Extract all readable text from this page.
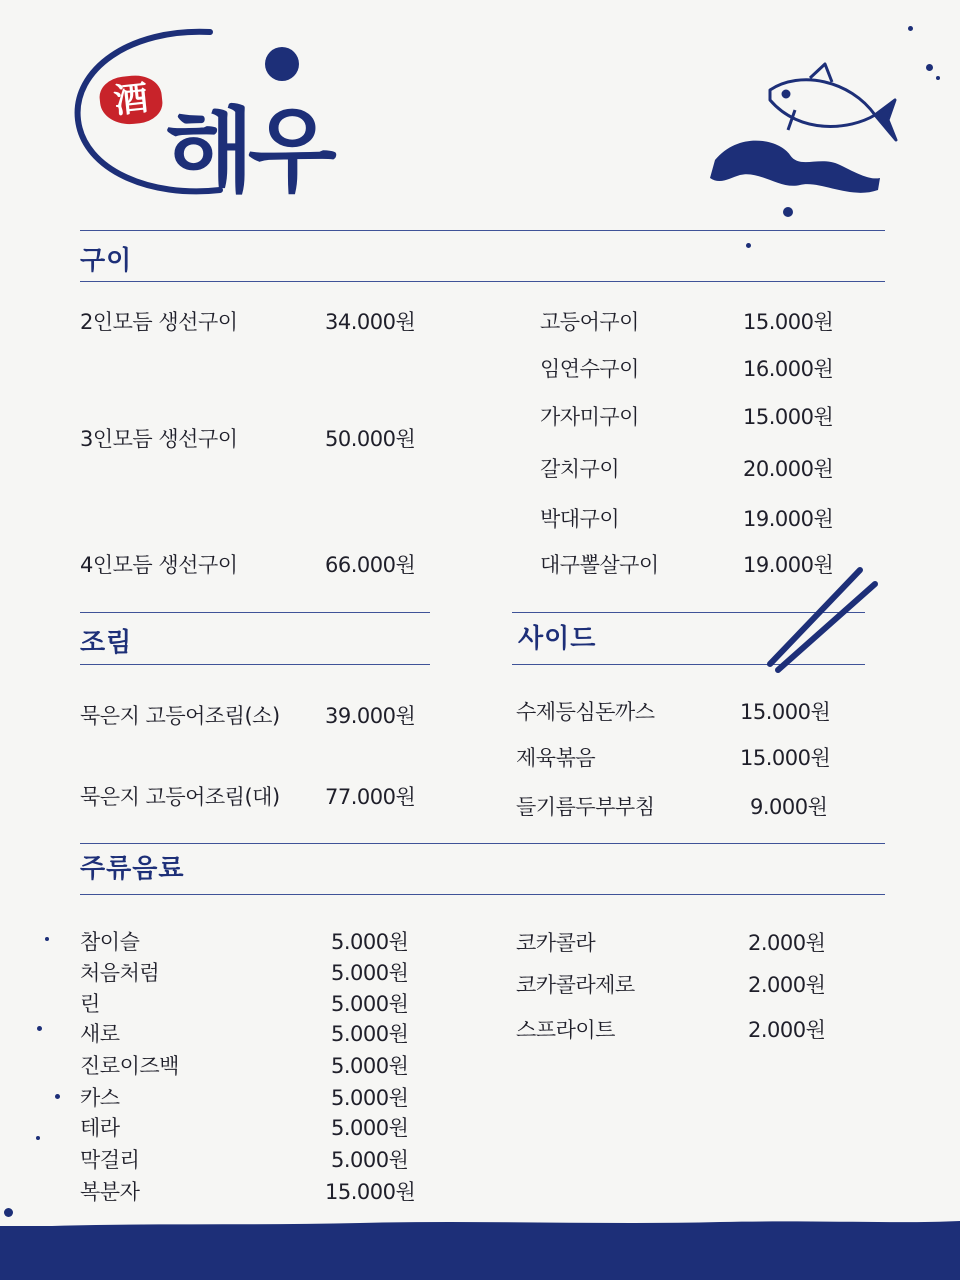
酒 해우
구이
2인모듬 생선구이	34.000원
3인모듬 생선구이	50.000원
4인모듬 생선구이	66.000원
고등어구이	15.000원
임연수구이	16.000원
가자미구이	15.000원
갈치구이	20.000원
박대구이	19.000원
대구뽈살구이	19.000원
조림
묵은지 고등어조림(소) 39.000원
묵은지 고등어조림(대) 77.000원
사이드
수제등심돈까스	15.000원
제육볶음	15.000원
들기름두부부침	9.000원
주류음료
참이슬	5.000원
처음처럼	5.000원
린	5.000원
새로	5.000원
진로이즈백	5.000원
카스	5.000원
테라	5.000원
막걸리	5.000원
복분자	15.000원
코카콜라	2.000원
코카콜라제로	2.000원
스프라이트	2.000원
